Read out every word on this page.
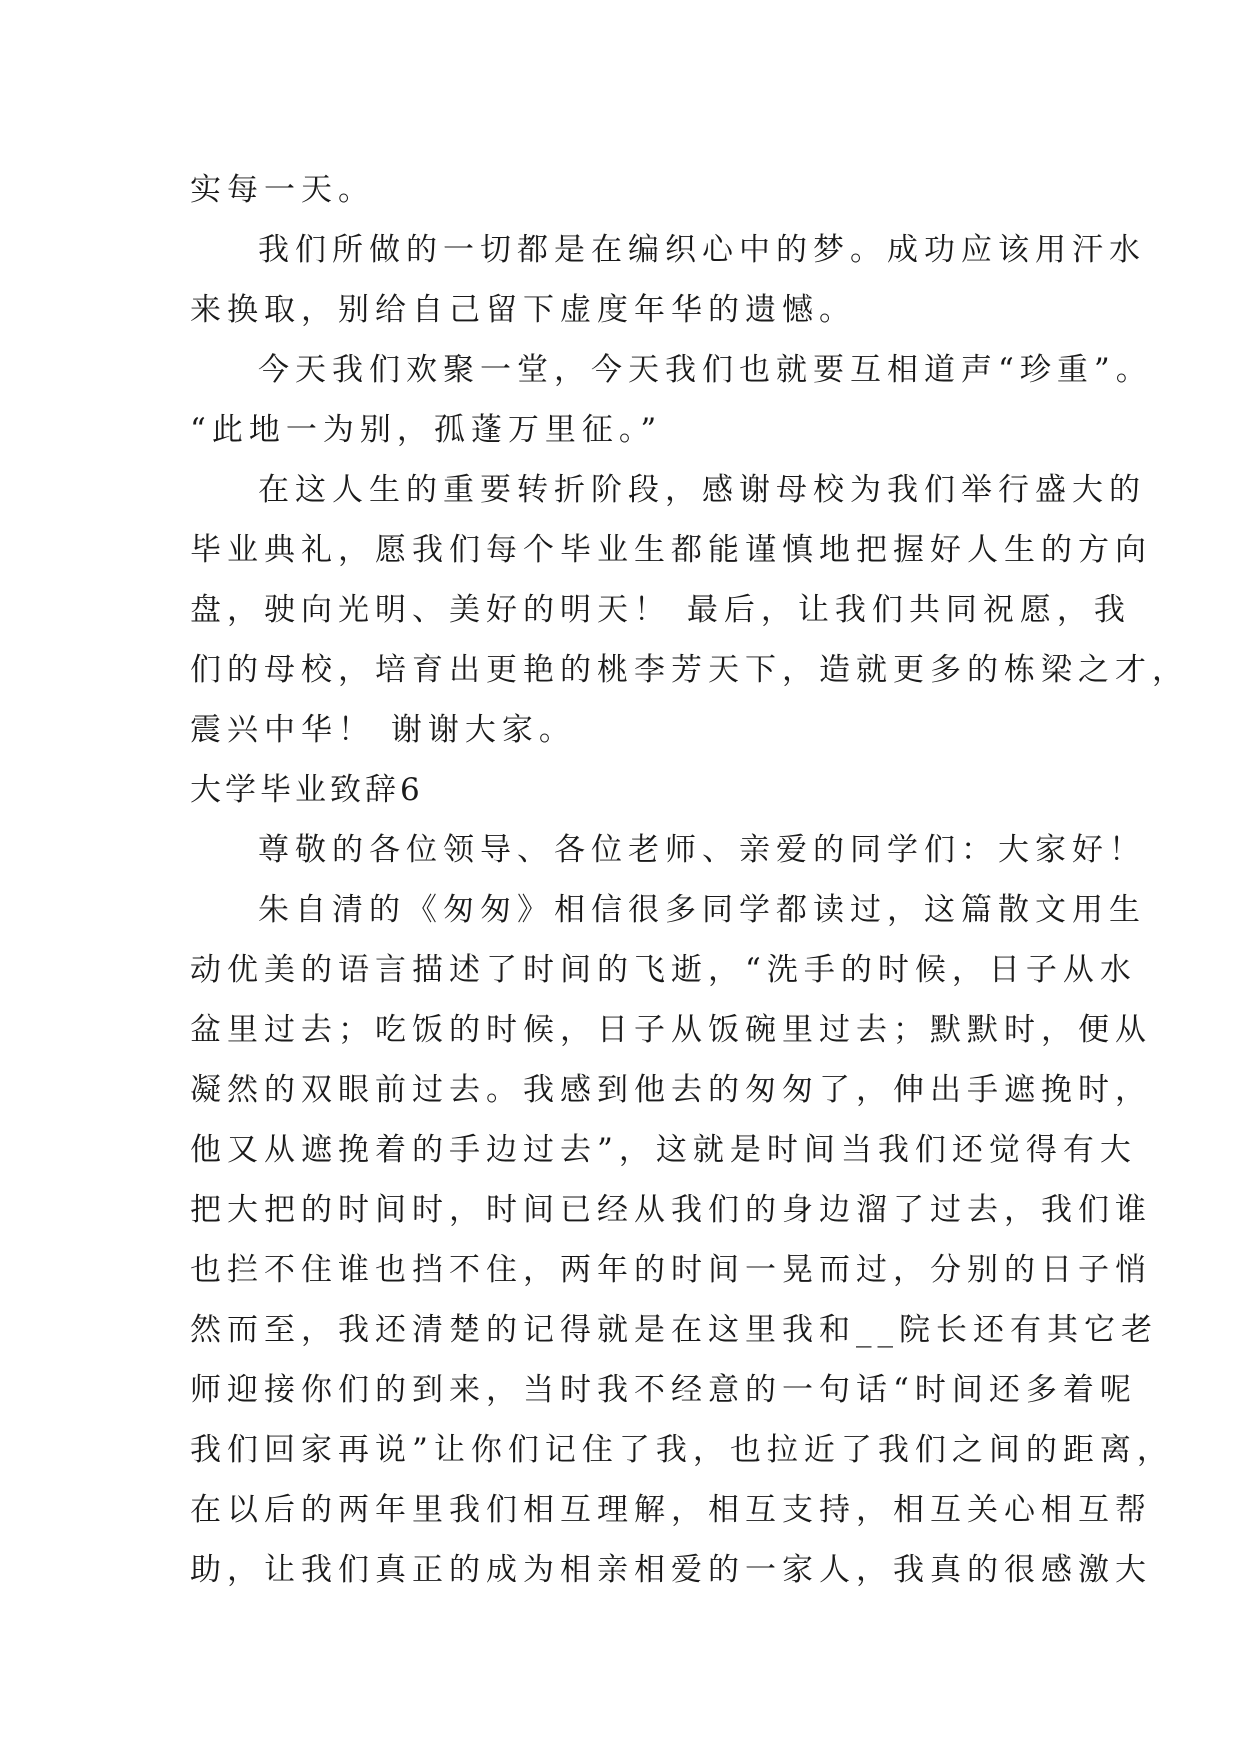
实每一天。
我们所做的一切都是在编织心中的梦。成功应该用汗水
来换取，别给自己留下虚度年华的遗憾。
今天我们欢聚一堂，今天我们也就要互相道声“珍重”。
“此地一为别，孤蓬万里征。”
在这人生的重要转折阶段，感谢母校为我们举行盛大的
毕业典礼，愿我们每个毕业生都能谨慎地把握好人生的方向
盘，驶向光明、美好的明天！ 最后，让我们共同祝愿，我
们的母校，培育出更艳的桃李芳天下，造就更多的栋梁之才，
震兴中华！ 谢谢大家。
大学毕业致辞6
尊敬的各位领导、各位老师、亲爱的同学们：大家好！
朱自清的《匆匆》相信很多同学都读过，这篇散文用生
动优美的语言描述了时间的飞逝，“洗手的时候，日子从水
盆里过去；吃饭的时候，日子从饭碗里过去；默默时，便从
凝然的双眼前过去。我感到他去的匆匆了，伸出手遮挽时，
他又从遮挽着的手边过去”，这就是时间当我们还觉得有大
把大把的时间时，时间已经从我们的身边溜了过去，我们谁
也拦不住谁也挡不住，两年的时间一晃而过，分别的日子悄
然而至，我还清楚的记得就是在这里我和__院长还有其它老
师迎接你们的到来，当时我不经意的一句话“时间还多着呢
我们回家再说”让你们记住了我，也拉近了我们之间的距离，
在以后的两年里我们相互理解，相互支持，相互关心相互帮
助，让我们真正的成为相亲相爱的一家人，我真的很感激大
